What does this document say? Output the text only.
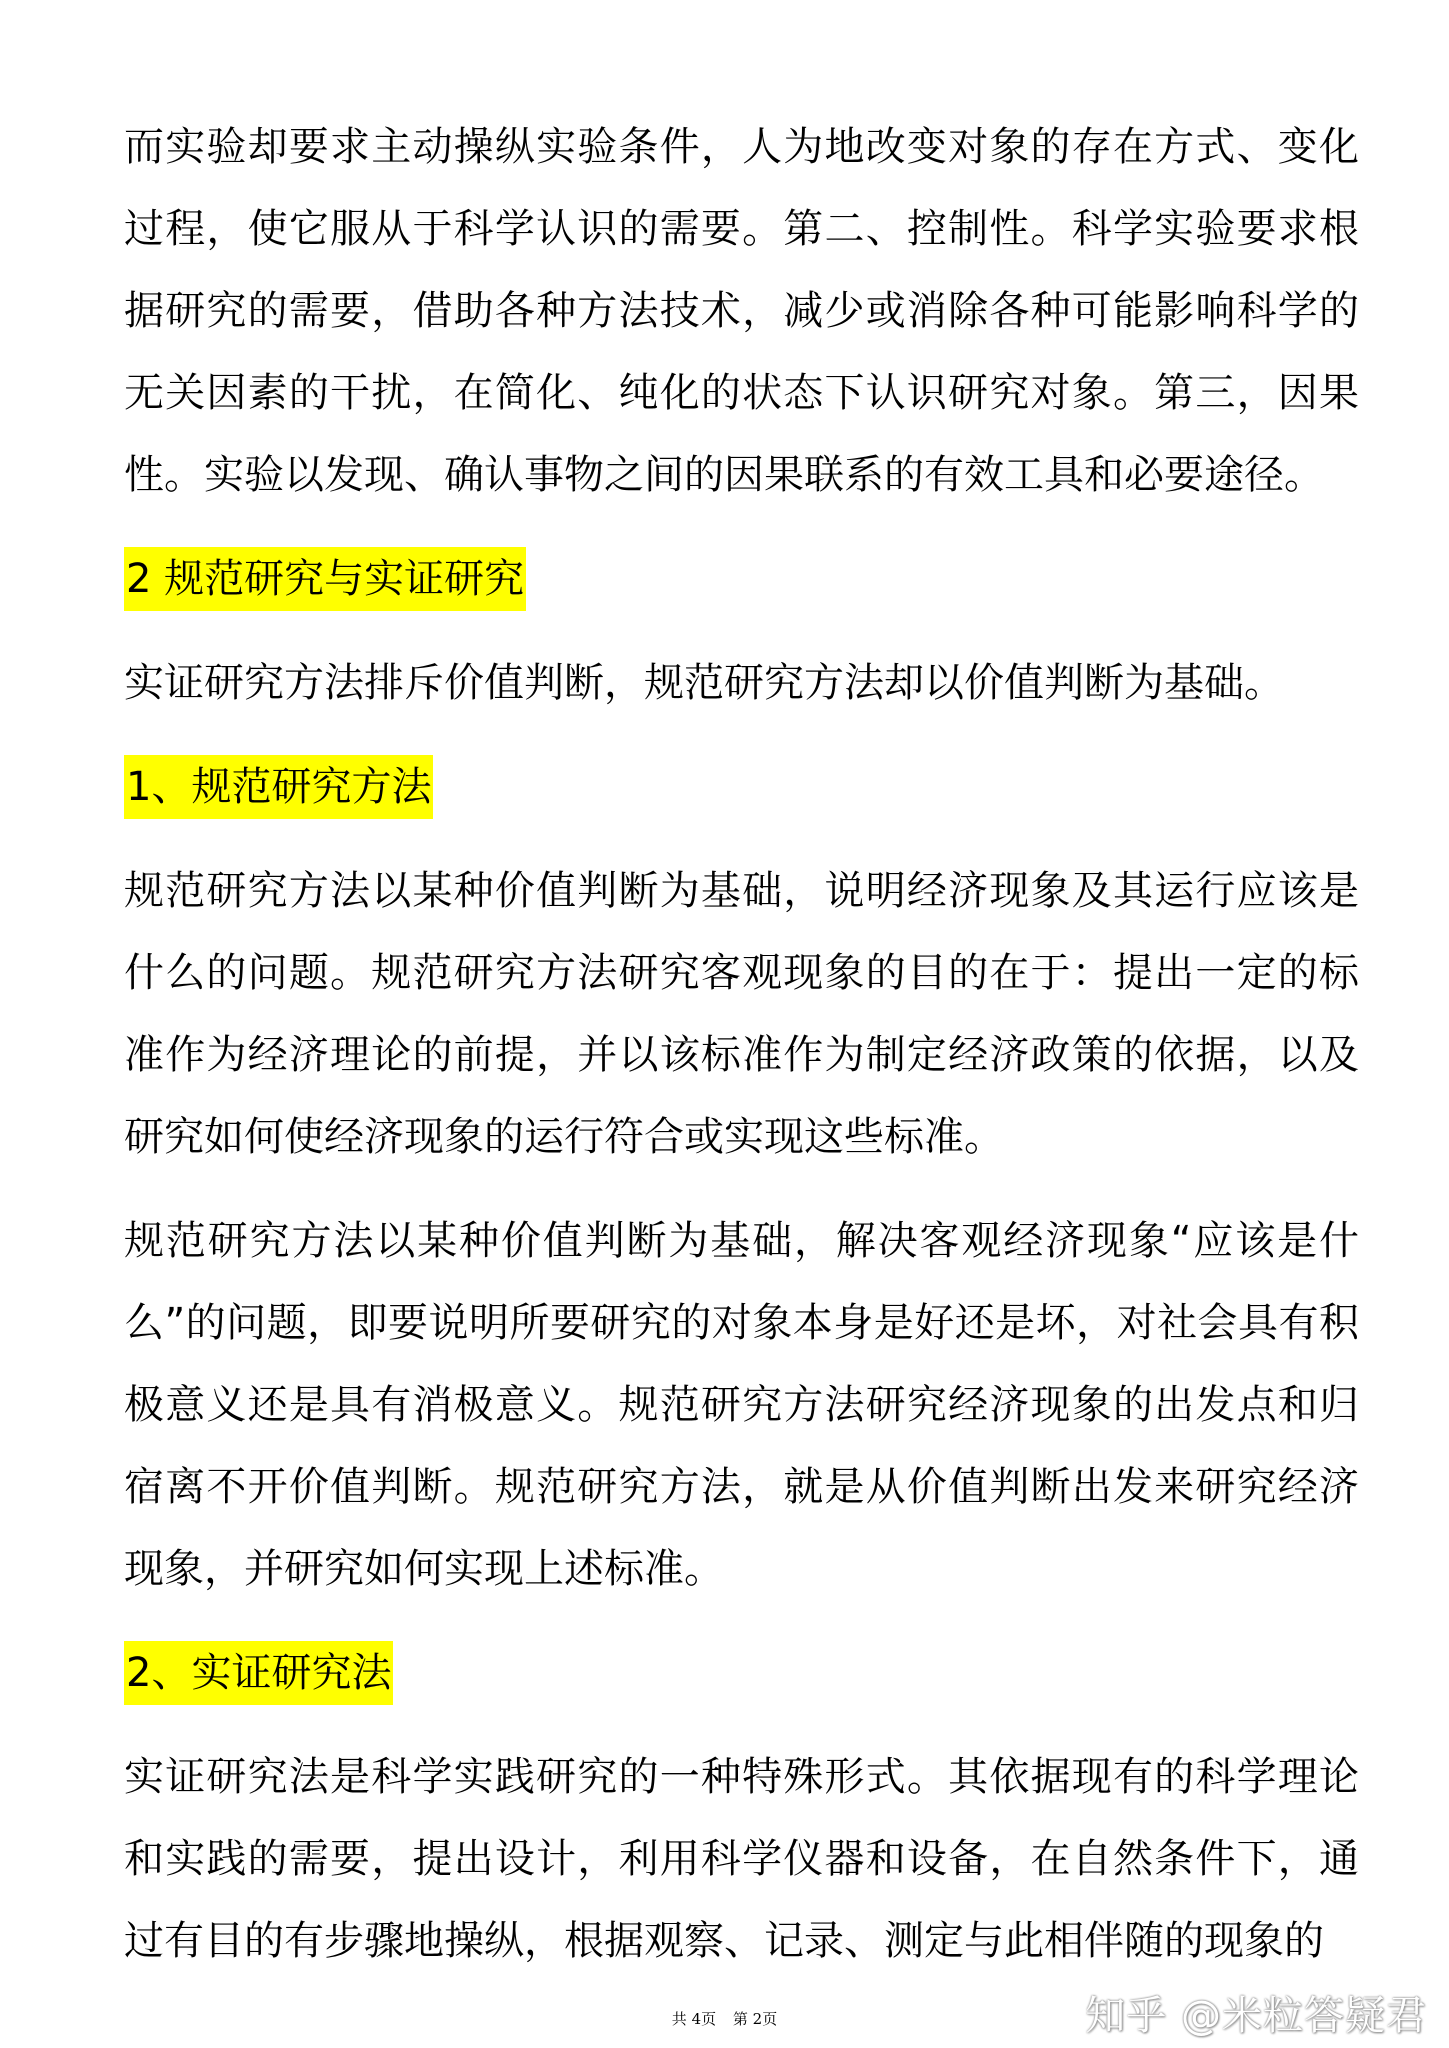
而实验却要求主动操纵实验条件，人为地改变对象的存在方式、变化过程，使它服从于科学认识的需要。第二、控制性。科学实验要求根据研究的需要，借助各种方法技术，减少或消除各种可能影响科学的无关因素的干扰，在简化、纯化的状态下认识研究对象。第三，因果性。实验以发现、确认事物之间的因果联系的有效工具和必要途径。

2 规范研究与实证研究

实证研究方法排斥价值判断，规范研究方法却以价值判断为基础。

1、规范研究方法

规范研究方法以某种价值判断为基础，说明经济现象及其运行应该是什么的问题。规范研究方法研究客观现象的目的在于：提出一定的标准作为经济理论的前提，并以该标准作为制定经济政策的依据，以及研究如何使经济现象的运行符合或实现这些标准。

规范研究方法以某种价值判断为基础，解决客观经济现象“应该是什么”的问题，即要说明所要研究的对象本身是好还是坏，对社会具有积极意义还是具有消极意义。规范研究方法研究经济现象的出发点和归宿离不开价值判断。规范研究方法，就是从价值判断出发来研究经济现象，并研究如何实现上述标准。

2、实证研究法

实证研究法是科学实践研究的一种特殊形式。其依据现有的科学理论和实践的需要，提出设计，利用科学仪器和设备，在自然条件下，通过有目的有步骤地操纵，根据观察、记录、测定与此相伴随的现象的

共 4页 第 2页	知乎 @米粒答疑君
